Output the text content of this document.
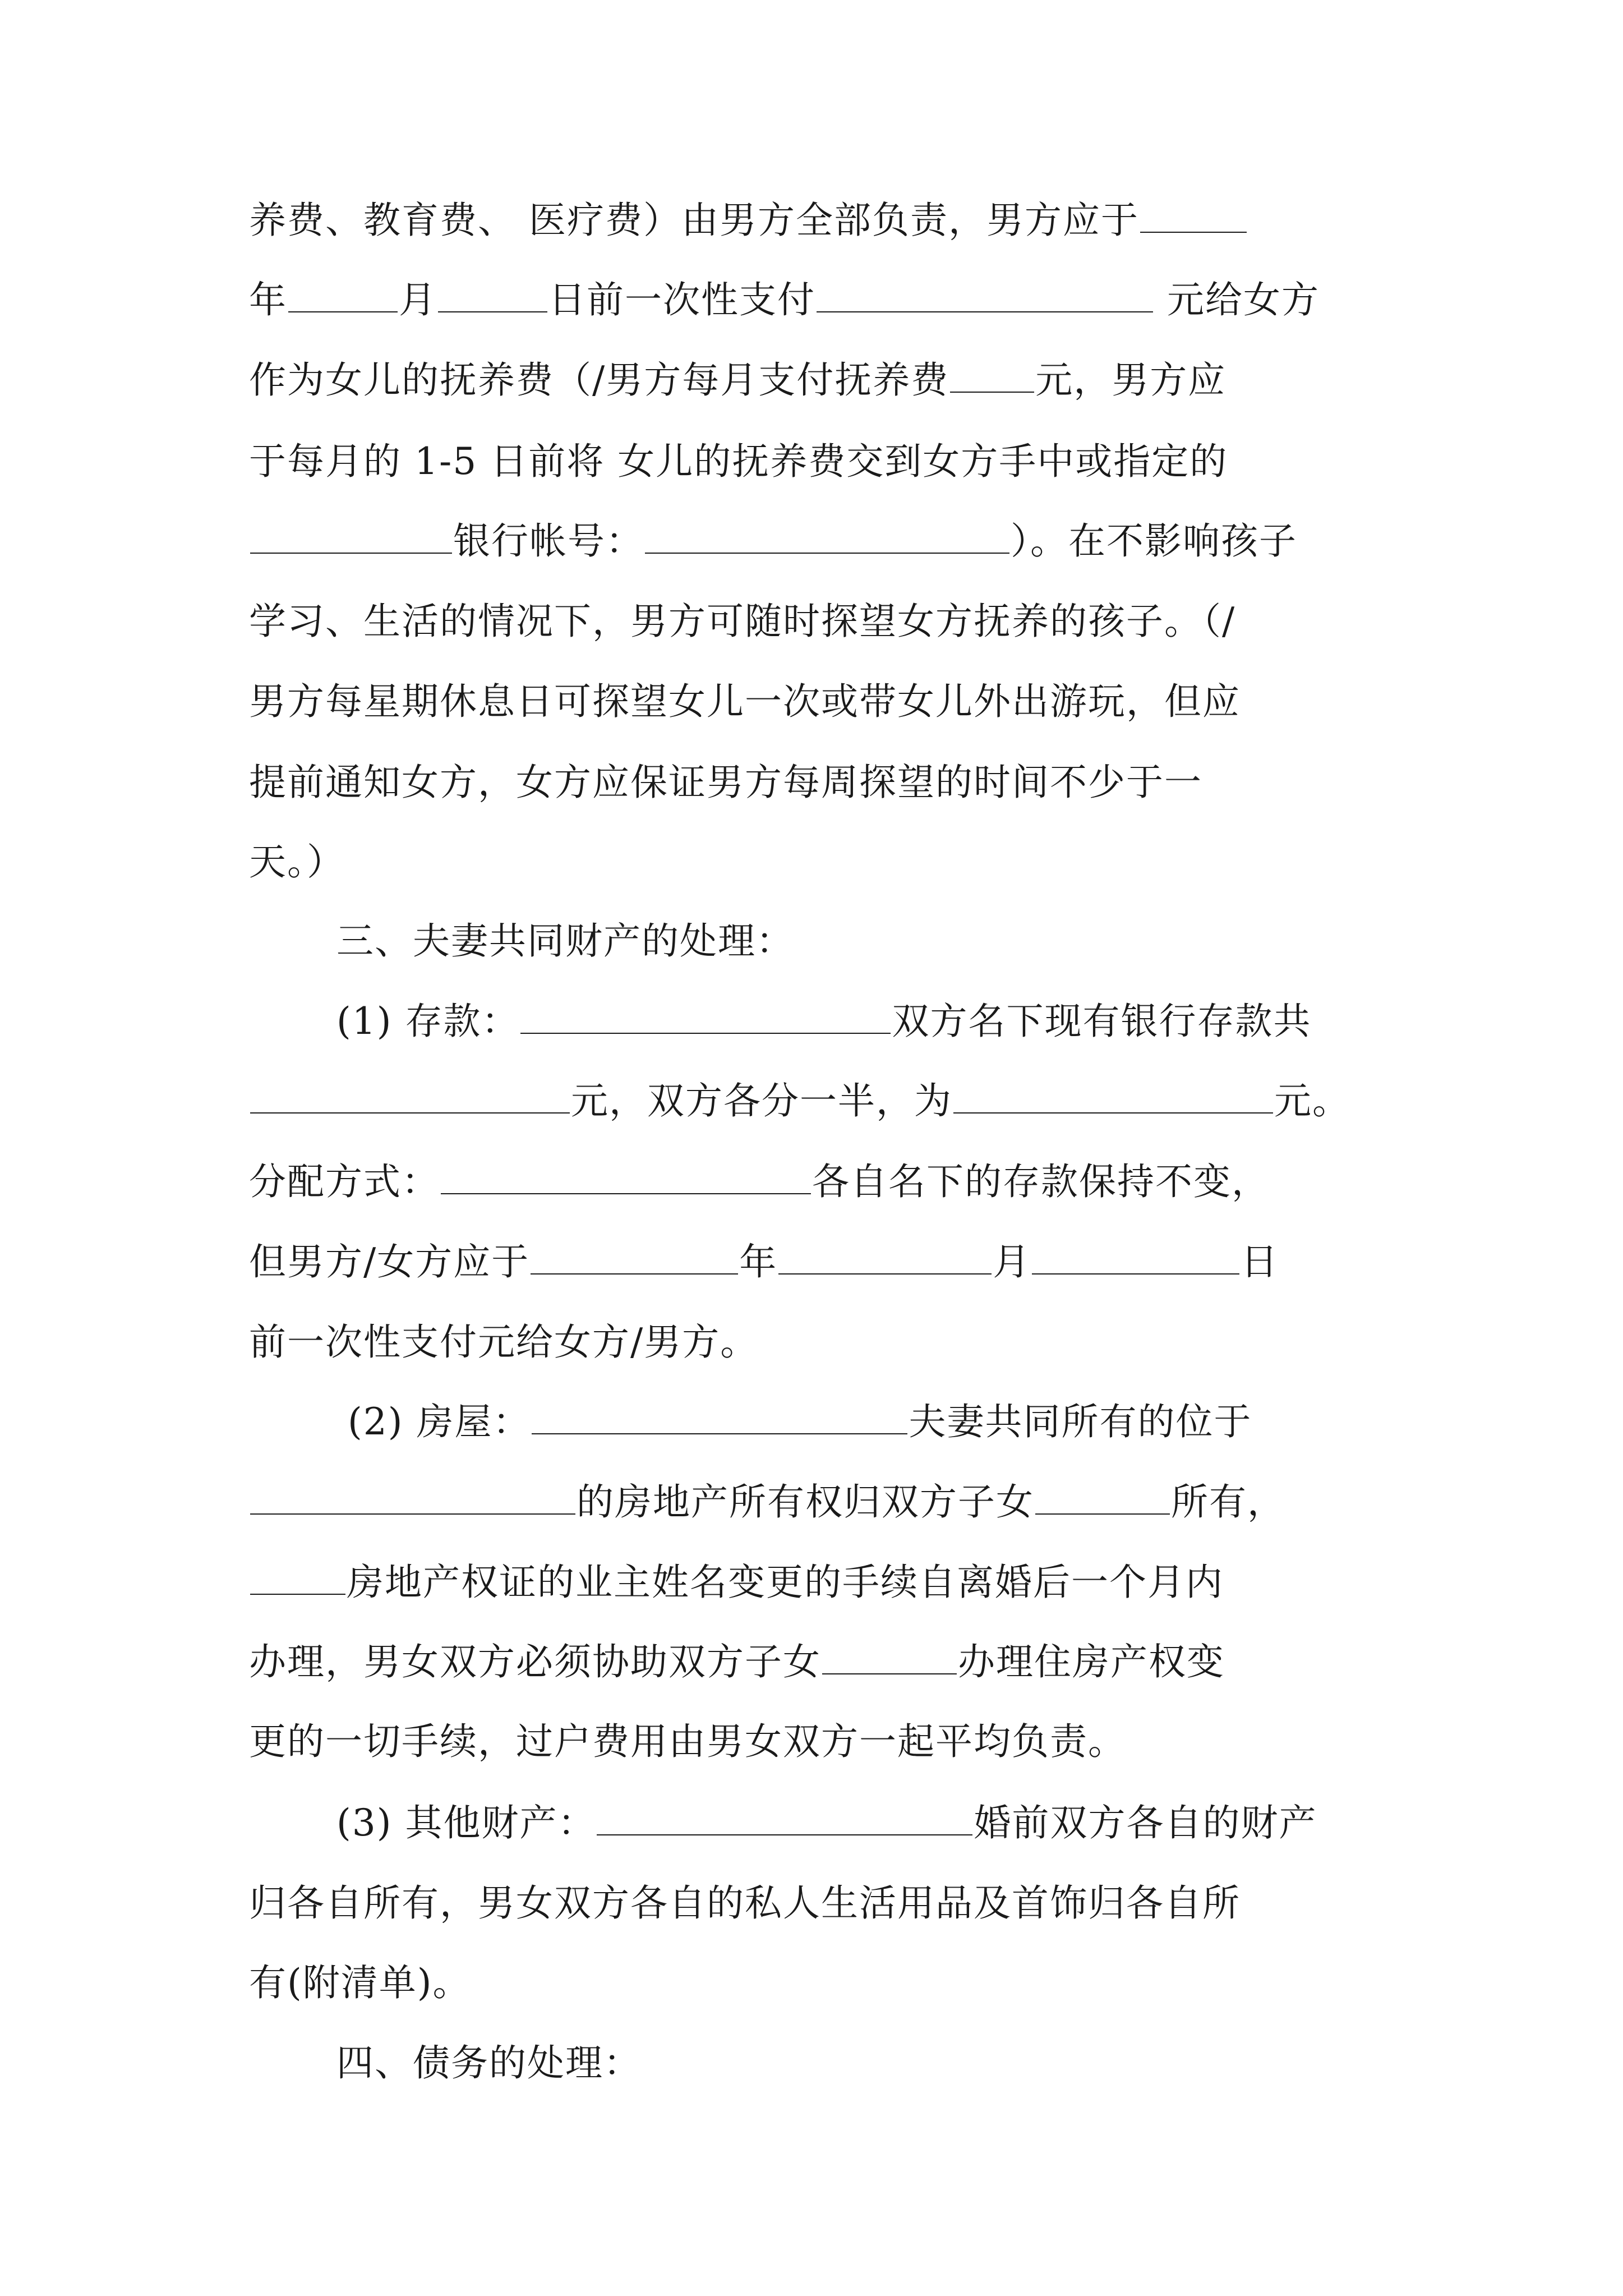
养费、教育费、 医疗费）由男方全部负责，男方应于
年	月	日前一次性支付	元给女方
作为女儿的抚养费（/男方每月支付抚养费 元，男方应
于每月的 1-5 日前将 女儿的抚养费交到女方手中或指定的
银行帐号：	）。在不影响孩子
学习、生活的情况下，男方可随时探望女方抚养的孩子。（/
男方每星期休息日可探望女儿一次或带女儿外出游玩，但应
提前通知女方，女方应保证男方每周探望的时间不少于一
天。）
三、夫妻共同财产的处理：
(1) 存款：	双方名下现有银行存款共
元，双方各分一半，为	元。
分配方式：	各自名下的存款保持不变，
但男方/女方应于	年	月	日
前一次性支付元给女方/男方。
(2) 房屋：	夫妻共同所有的位于
的房地产所有权归双方子女	所有，
房地产权证的业主姓名变更的手续自离婚后一个月内
办理，男女双方必须协助双方子女	办理住房产权变
更的一切手续，过户费用由男女双方一起平均负责。
(3) 其他财产：	婚前双方各自的财产
归各自所有，男女双方各自的私人生活用品及首饰归各自所
有(附清单)。
四、债务的处理：
